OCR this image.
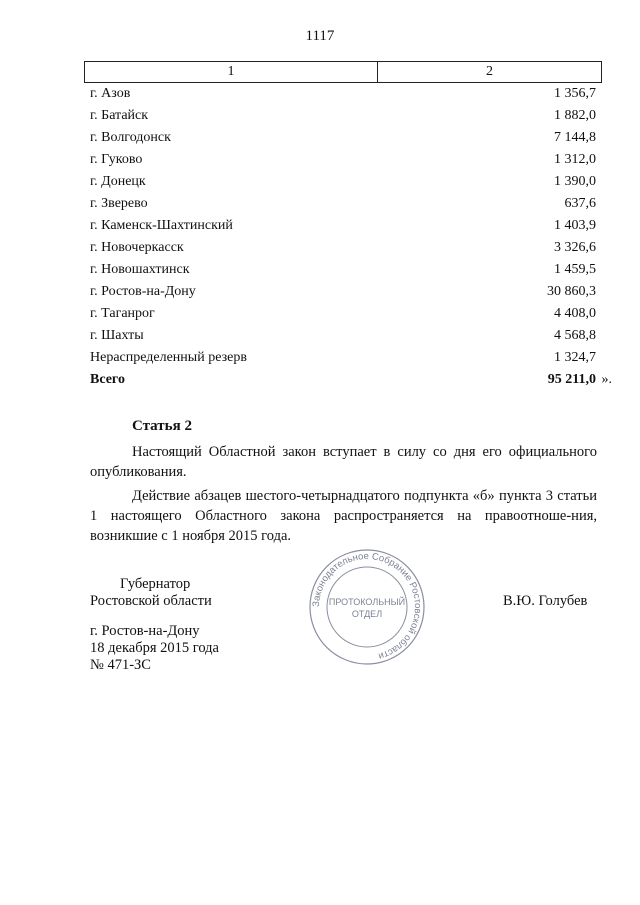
1117
1	2
г. Азов	1 356,7
г. Батайск	1 882,0
г. Волгодонск	7 144,8
г. Гуково	1 312,0
г. Донецк	1 390,0
г. Зверево	637,6
г. Каменск-Шахтинский	1 403,9
г. Новочеркасск	3 326,6
г. Новошахтинск	1 459,5
г. Ростов-на-Дону	30 860,3
г. Таганрог	4 408,0
г. Шахты	4 568,8
Нераспределенный резерв	1 324,7
Всего	95 211,0 ».
Статья 2
Настоящий Областной закон вступает в силу со дня его официального опубликования.
Действие абзацев шестого-четырнадцатого подпункта «б» пункта 3 статьи 1 настоящего Областного закона распространяется на правоотноше-ния, возникшие с 1 ноября 2015 года.
Губернатор
Ростовской области	В.Ю. Голубев
г. Ростов-на-Дону
18 декабря 2015 года
№ 471-ЗС
Законодательное Собрание Ростовской области
ПРОТОКОЛЬНЫЙ
ОТДЕЛ
